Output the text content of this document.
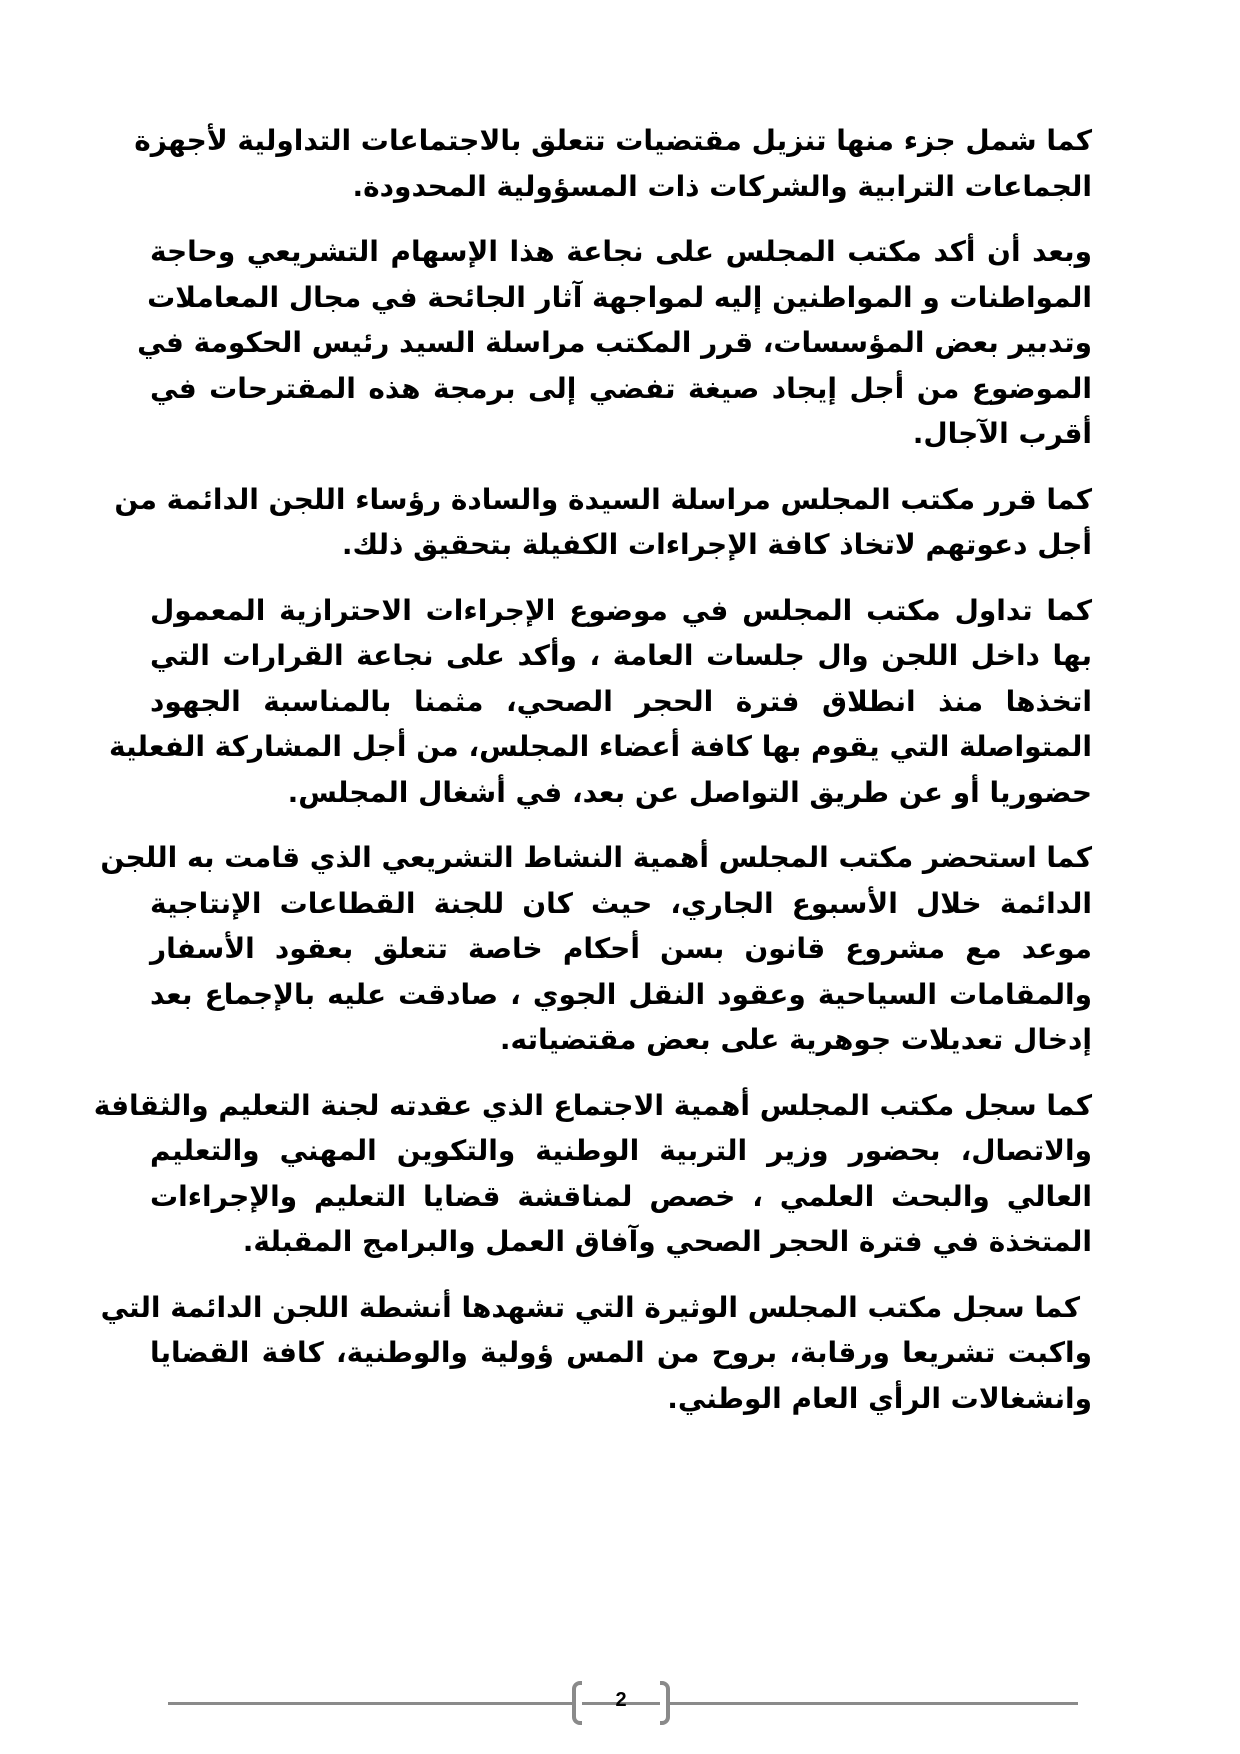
كما شمل جزء منها تنزيل مقتضيات تتعلق بالاجتماعات التداولية لأجهزة
الجماعات الترابية والشركات ذات المسؤولية المحدودة.
وبعد أن أكد مكتب المجلس على نجاعة هذا الإسهام التشريعي وحاجة
المواطنات و المواطنين إليه لمواجهة آثار الجائحة في مجال المعاملات
وتدبير بعض المؤسسات، قرر المكتب مراسلة السيد رئيس الحكومة في
الموضوع من أجل إيجاد صيغة تفضي إلى برمجة هذه المقترحات في
أقرب الآجال.
كما قرر مكتب المجلس مراسلة السيدة والسادة رؤساء اللجن الدائمة من
أجل دعوتهم لاتخاذ كافة الإجراءات الكفيلة بتحقيق ذلك.
كما تداول مكتب المجلس في موضوع الإجراءات الاحترازية المعمول
بها داخل اللجن وال جلسات العامة ، وأكد على نجاعة القرارات التي
اتخذها منذ انطلاق فترة الحجر الصحي، مثمنا بالمناسبة الجهود
المتواصلة التي يقوم بها كافة أعضاء المجلس، من أجل المشاركة الفعلية
حضوريا أو عن طريق التواصل عن بعد، في أشغال المجلس.
كما استحضر مكتب المجلس أهمية النشاط التشريعي الذي قامت به اللجن
الدائمة خلال الأسبوع الجاري، حيث كان للجنة القطاعات الإنتاجية
موعد مع مشروع قانون بسن أحكام خاصة تتعلق بعقود الأسفار
والمقامات السياحية وعقود النقل الجوي ، صادقت عليه بالإجماع بعد
إدخال تعديلات جوهرية على بعض مقتضياته.
كما سجل مكتب المجلس أهمية الاجتماع الذي عقدته لجنة التعليم والثقافة
والاتصال، بحضور وزير التربية الوطنية والتكوين المهني والتعليم
العالي والبحث العلمي ، خصص لمناقشة قضايا التعليم والإجراءات
المتخذة في فترة الحجر الصحي وآفاق العمل والبرامج المقبلة.
كما سجل مكتب المجلس الوثيرة التي تشهدها أنشطة اللجن الدائمة التي
واكبت تشريعا ورقابة، بروح من المس ؤولية والوطنية، كافة القضايا
وانشغالات الرأي العام الوطني.
2
